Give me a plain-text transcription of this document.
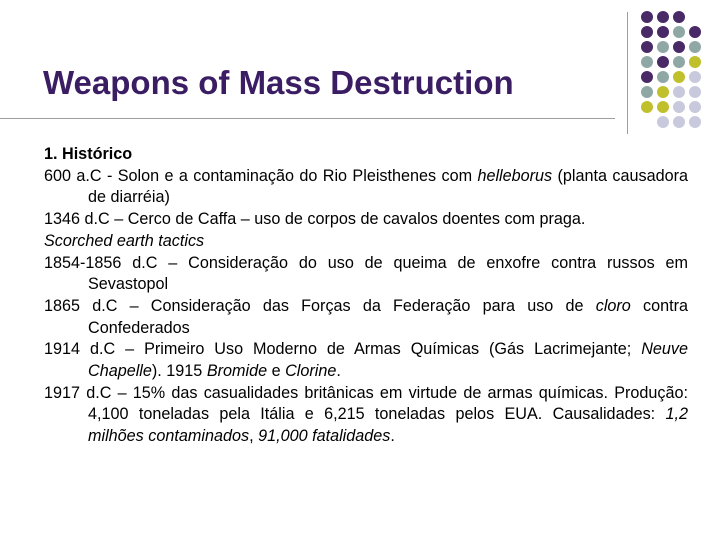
Weapons of Mass Destruction

1. Histórico

600 a.C - Solon e a contaminação do Rio Pleisthenes com helleborus (planta causadora de diarréia)

1346 d.C – Cerco de Caffa – uso de corpos de cavalos doentes com praga.

Scorched earth tactics

1854-1856 d.C – Consideração do uso de queima de enxofre contra russos em Sevastopol

1865 d.C – Consideração das Forças da Federação para uso de cloro contra Confederados

1914 d.C – Primeiro Uso Moderno de Armas Químicas (Gás Lacrimejante; Neuve Chapelle). 1915 Bromide e Clorine.

1917 d.C – 15% das casualidades britânicas em virtude de armas químicas. Produção: 4,100 toneladas pela Itália e 6,215 toneladas pelos EUA. Causalidades: 1,2 milhões contaminados, 91,000 fatalidades.
